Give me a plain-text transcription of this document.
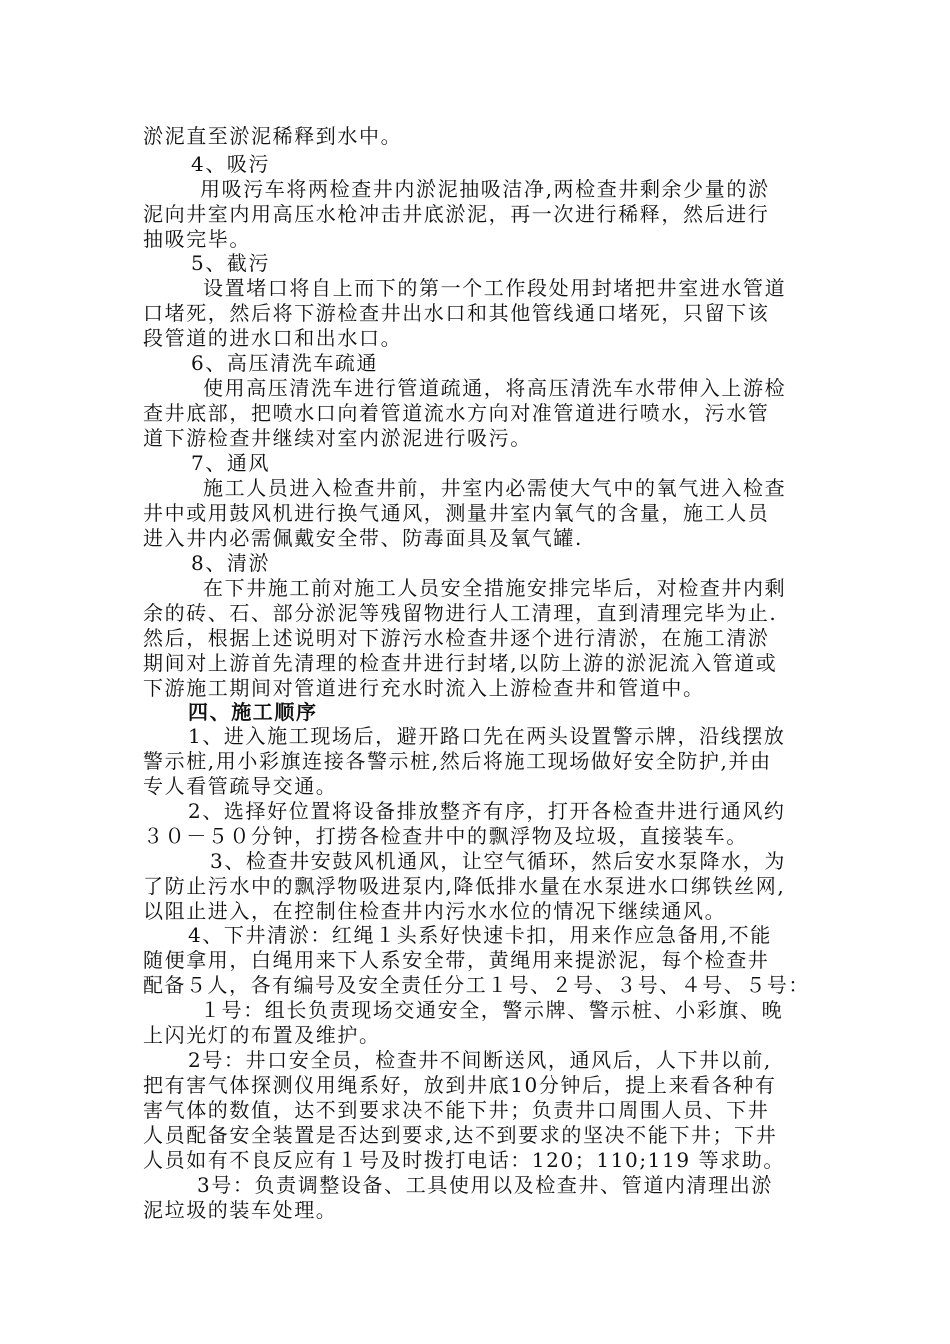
淤泥直至淤泥稀释到水中。
4、吸污
用吸污车将两检查井内淤泥抽吸洁净,两检查井剩余少量的淤
泥向井室内用高压水枪冲击井底淤泥，再一次进行稀释，然后进行
抽吸完毕。
5、截污
设置堵口将自上而下的第一个工作段处用封堵把井室进水管道
口堵死，然后将下游检查井出水口和其他管线通口堵死，只留下该
段管道的进水口和出水口。
6、高压清洗车疏通
使用高压清洗车进行管道疏通，将高压清洗车水带伸入上游检
查井底部，把喷水口向着管道流水方向对准管道进行喷水，污水管
道下游检查井继续对室内淤泥进行吸污。
7、通风
施工人员进入检查井前，井室内必需使大气中的氧气进入检查
井中或用鼓风机进行换气通风，测量井室内氧气的含量，施工人员
进入井内必需佩戴安全带、防毒面具及氧气罐.
8、清淤
在下井施工前对施工人员安全措施安排完毕后，对检查井内剩
余的砖、石、部分淤泥等残留物进行人工清理，直到清理完毕为止.
然后，根据上述说明对下游污水检查井逐个进行清淤，在施工清淤
期间对上游首先清理的检查井进行封堵,以防上游的淤泥流入管道或
下游施工期间对管道进行充水时流入上游检查井和管道中。
四、施工顺序
1、进入施工现场后，避开路口先在两头设置警示牌，沿线摆放
警示桩,用小彩旗连接各警示桩,然后将施工现场做好安全防护,并由
专人看管疏导交通。
2、选择好位置将设备排放整齐有序，打开各检查井进行通风约
３０－５０分钟，打捞各检查井中的飘浮物及垃圾，直接装车。
3、检查井安鼓风机通风，让空气循环，然后安水泵降水，为
了防止污水中的飘浮物吸进泵内,降低排水量在水泵进水口绑铁丝网,
以阻止进入，在控制住检查井内污水水位的情况下继续通风。
4、下井清淤：红绳１头系好快速卡扣，用来作应急备用,不能
随便拿用，白绳用来下人系安全带，黄绳用来提淤泥，每个检查井
配备５人，各有编号及安全责任分工１号、２号、３号、４号、５号：
１号：组长负责现场交通安全，警示牌、警示桩、小彩旗、晚
上闪光灯的布置及维护。
2号：井口安全员，检查井不间断送风，通风后，人下井以前,
把有害气体探测仪用绳系好，放到井底10分钟后，提上来看各种有
害气体的数值，达不到要求决不能下井；负责井口周围人员、下井
人员配备安全装置是否达到要求,达不到要求的坚决不能下井；下井
人员如有不良反应有１号及时拨打电话：120；110;119 等求助。
3号：负责调整设备、工具使用以及检查井、管道内清理出淤
泥垃圾的装车处理。
